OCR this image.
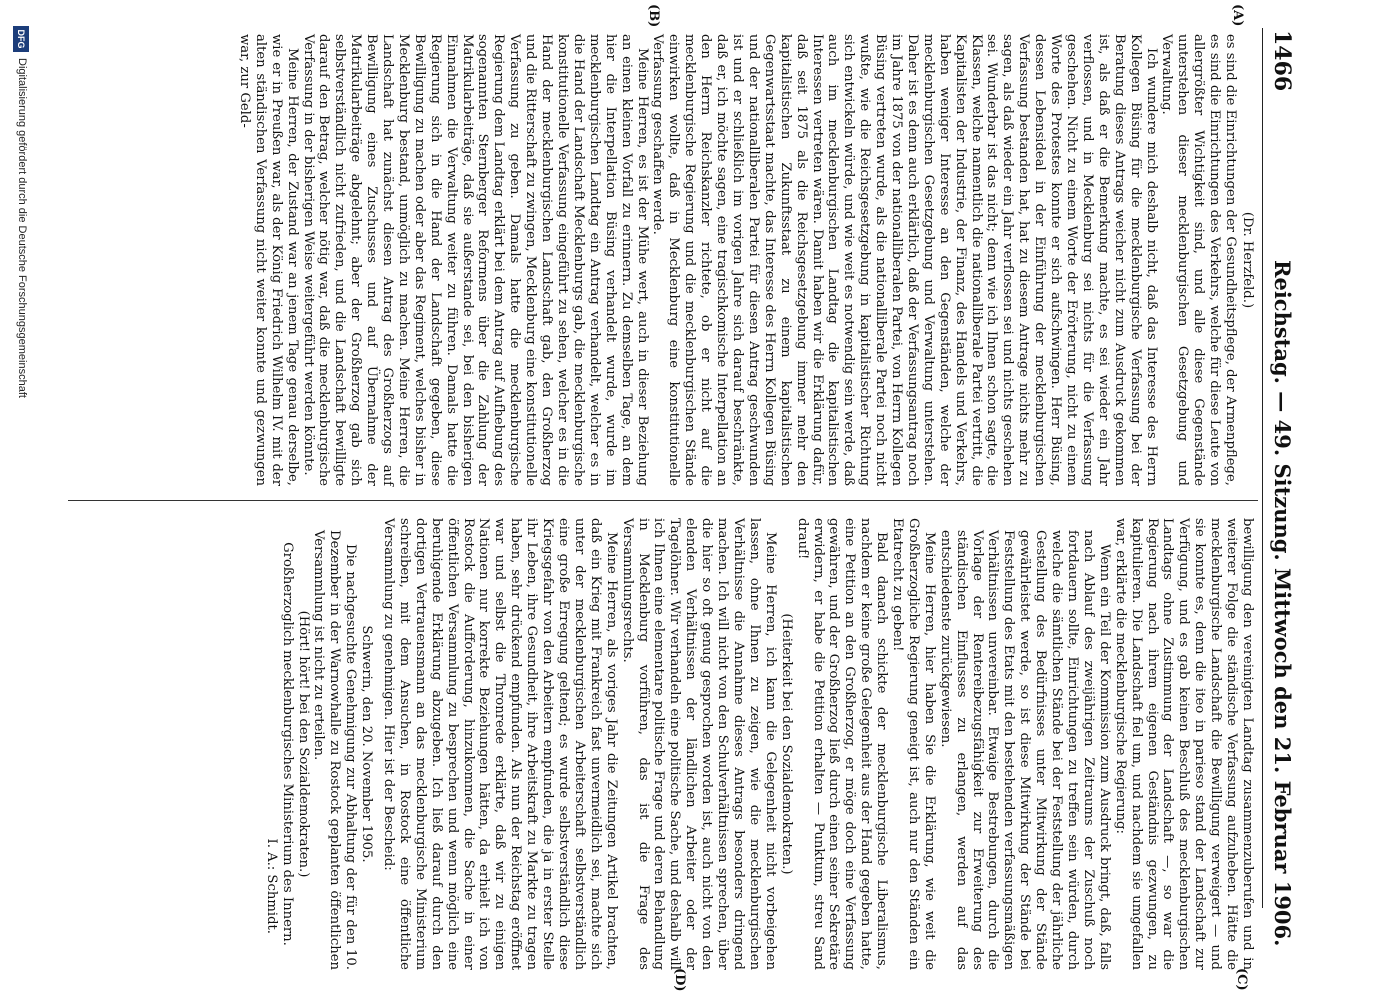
1466
Reichstag. — 49. Sitzung. Mittwoch den 21. Februar 1906.
(A)
(B)
(C)
(D)

(Dr. Herzfeld.)

es sind die Einrichtungen der Gesundheitspflege, der Armenpflege, es sind die Einrichtungen des Verkehrs, welche für diese Leute von allergrößter Wichtigkeit sind, und alle diese Gegenstände unterstehen dieser mecklenburgischen Gesetzgebung und Verwaltung.

Ich wundere mich deshalb nicht, daß das Interesse des Herrn Kollegen Büsing für die mecklenburgische Verfassung bei der Beratung dieses Antrags weicher nicht zum Ausdruck gekommen ist, als daß er die Bemerkung machte, es sei wieder ein Jahr verflossen, und in Mecklenburg sei nichts für die Verfassung geschehen. Nicht zu einem Worte der Erörterung, nicht zu einem Worte des Protestes konnte er sich aufschwingen. Herr Büsing, dessen Lebensideal in der Einführung der mecklenburgischen Verfassung bestanden hat, hat zu diesem Antrage nichts mehr zu sagen, als daß wieder ein Jahr verflossen sei und nichts geschehen sei. Wunderbar ist das nicht; denn wie ich Ihnen schon sagte, die Klassen, welche namentlich die nationalliberale Partei vertritt, die Kapitalisten der Industrie, der Finanz, des Handels und Verkehrs, haben weniger Interesse an den Gegenständen, welche der mecklenburgischen Gesetzgebung und Verwaltung unterstehen. Daher ist es denn auch erklärlich, daß der Verfassungsantrag noch im Jahre 1875 von der nationalliberalen Partei, von Herrn Kollegen Büsing vertreten wurde, als die nationalliberale Partei noch nicht wußte, wie die Reichsgesetzgebung in kapitalistischer Richtung sich entwickeln würde, und wie weit es notwendig sein werde, daß auch im mecklenburgischen Landtag die kapitalistischen Interessen vertreten wären. Damit haben wir die Erklärung dafür, daß seit 1875 als die Reichsgesetzgebung immer mehr den kapitalistischen Zukunftsstaat zu einem kapitalistischen Gegenwartsstaat machte, das Interesse des Herrn Kollegen Büsing und der nationalliberalen Partei für diesen Antrag geschwunden ist und er schließlich im vorigen Jahre sich darauf beschränkte, daß er, ich möchte sagen, eine tragischkomische Interpellation an den Herrn Reichskanzler richtete, ob er nicht auf die mecklenburgische Regierung und die mecklenburgischen Stände einwirken wollte, daß in Mecklenburg eine konstitutionelle Verfassung geschaffen werde.

Meine Herren, es ist der Mühe wert, auch in dieser Beziehung an einen kleinen Vorfall zu erinnern. Zu demselben Tage, an dem hier die Interpellation Büsing verhandelt wurde, wurde im mecklenburgischen Landtag ein Antrag verhandelt, welcher es in die Hand der Landschaft Mecklenburgs gab, die mecklenburgische konstitutionelle Verfassung eingeführt zu sehen, welcher es in die Hand der mecklenburgischen Landschaft gab, den Großherzog und die Ritterschaft zu zwingen, Mecklenburg eine konstitutionelle Verfassung zu geben. Damals hatte die mecklenburgische Regierung dem Landtag erklärt bei dem Antrag auf Aufhebung des sogenannten Sternberger Reformens über die Zahlung der Matrikularbeiträge, daß sie außerstande sei, bei den bisherigen Einnahmen die Verwaltung weiter zu führen. Damals hatte die Regierung sich in die Hand der Landschaft gegeben, diese Bewilligung zu machen oder aber das Regiment, welches bisher in Mecklenburg bestand, unmöglich zu machen. Meine Herren, die Landschaft hat zunächst diesen Antrag des Großherzogs auf Bewilligung eines Zuschusses und auf Übernahme der Matrikularbeiträge abgelehnt; aber der Großherzog gab sich selbstverständlich nicht zufrieden, und die Landschaft bewilligte darauf den Betrag, welcher nötig war, daß die mecklenburgische Verfassung in der bisherigen Weise weitergeführt werden könnte.

Meine Herren, der Zustand war an jenem Tage genau derselbe, wie er in Preußen war, als der König Friedrich Wilhelm IV. mit der alten ständischen Verfassung nicht weiter konnte und gezwungen war, zur Geld-

bewilligung den vereinigten Landtag zusammenzuberufen und in weiterer Folge die ständische Verfassung aufzuheben. Hätte die mecklenburgische Landschaft die Bewilligung verweigert — und sie konnte es, denn die iteo in parieso stand der Landschaft zur Verfügung, und es gab keinen Beschluß des mecklenburgischen Landtags ohne Zustimmung der Landschaft —, so war die Regierung nach ihrem eigenen Geständnis gezwungen, zu kapitulieren. Die Landschaft fiel um, und nachdem sie umgefallen war, erklärte die mecklenburgische Regierung:

Wenn ein Teil der Kommission zum Ausdruck bringt, daß, falls nach Ablauf des zweijährigen Zeitraums der Zuschuß noch fortdauern sollte, Einrichtungen zu treffen sein würden, durch welche die sämtlichen Stände bei der Feststellung der jährliche Gestellung des Bedürfnisses unter Mitwirkung der Stände gewährleistet werde, so ist diese Mitwirkung der Stände bei Feststellung des Etats mit den bestehenden verfassungsmäßigen Verhältnissen unvereinbar. Etwaige Bestrebungen, durch die Vorlage der Rentereibezugsfähigkeit zur Erweiterung des ständischen Einflusses zu erlangen, werden auf das entschiedenste zurückgewiesen.

Meine Herren, hier haben Sie die Erklärung, wie weit die Großherzogliche Regierung geneigt ist, auch nur den Ständen ein Etatrecht zu geben!

Bald danach schickte der mecklenburgische Liberalismus, nachdem er keine große Gelegenheit aus der Hand gegeben hatte, eine Petition an den Großherzog, er möge doch eine Verfassung gewähren, und der Großherzog ließ durch einen seiner Sekretäre erwidern, er habe die Petition erhalten — Punktum, streu Sand drauf!

(Heiterkeit bei den Sozialdemokraten.)

Meine Herren, ich kann die Gelegenheit nicht vorbeigehen lassen, ohne Ihnen zu zeigen, wie die mecklenburgischen Verhältnisse die Annahme dieses Antrags besonders dringend machen. Ich will nicht von den Schulverhältnissen sprechen, über die hier so oft genug gesprochen worden ist, auch nicht von den elenden Verhältnissen der ländlichen Arbeiter oder der Tagelöhner. Wir verhandeln eine politische Sache, und deshalb will ich Ihnen eine elementare politische Frage und deren Behandlung in Mecklenburg vorführen, das ist die Frage des Versammlungsrechts.

Meine Herren, als voriges Jahr die Zeitungen Artikel brachten, daß ein Krieg mit Frankreich fast unvermeidlich sei, machte sich unter der mecklenburgischen Arbeiterschaft selbstverständlich eine große Erregung geltend; es wurde selbstverständlich diese Kriegsgefahr von den Arbeitern empfunden, die ja in erster Stelle ihr Leben, ihre Gesundheit, ihre Arbeitskraft zu Markte zu tragen haben, sehr drückend empfunden. Als nun der Reichstag eröffnet war und selbst die Thronrede erklärte, daß wir zu einigen Nationen nur korrekte Beziehungen hätten, da erhielt ich von Rostock die Aufforderung, hinzukommen, die Sache in einer öffentlichen Versammlung zu besprechen und wenn möglich eine beruhigende Erklärung abzugeben. Ich ließ darauf durch den dortigen Vertrauensmann an das mecklenburgische Ministerium schreiben, mit dem Ansuchen, in Rostock eine öffentliche Versammlung zu genehmigen. Hier ist der Bescheid:

Schwerin, den 20. November 1905.

Die nachgesuchte Genehmigung zur Abhaltung der für den 10. Dezember in der Warnowhalle zu Rostock geplanten öffentlichen Versammlung ist nicht zu erteilen.

(Hört! hört! bei den Sozialdemokraten.)

Großherzoglich mecklenburgisches Ministerium des Innern.

I. A.: Schmidt.

DFG
Digitalisierung gefördert durch die Deutsche Forschungsgemeinschaft
